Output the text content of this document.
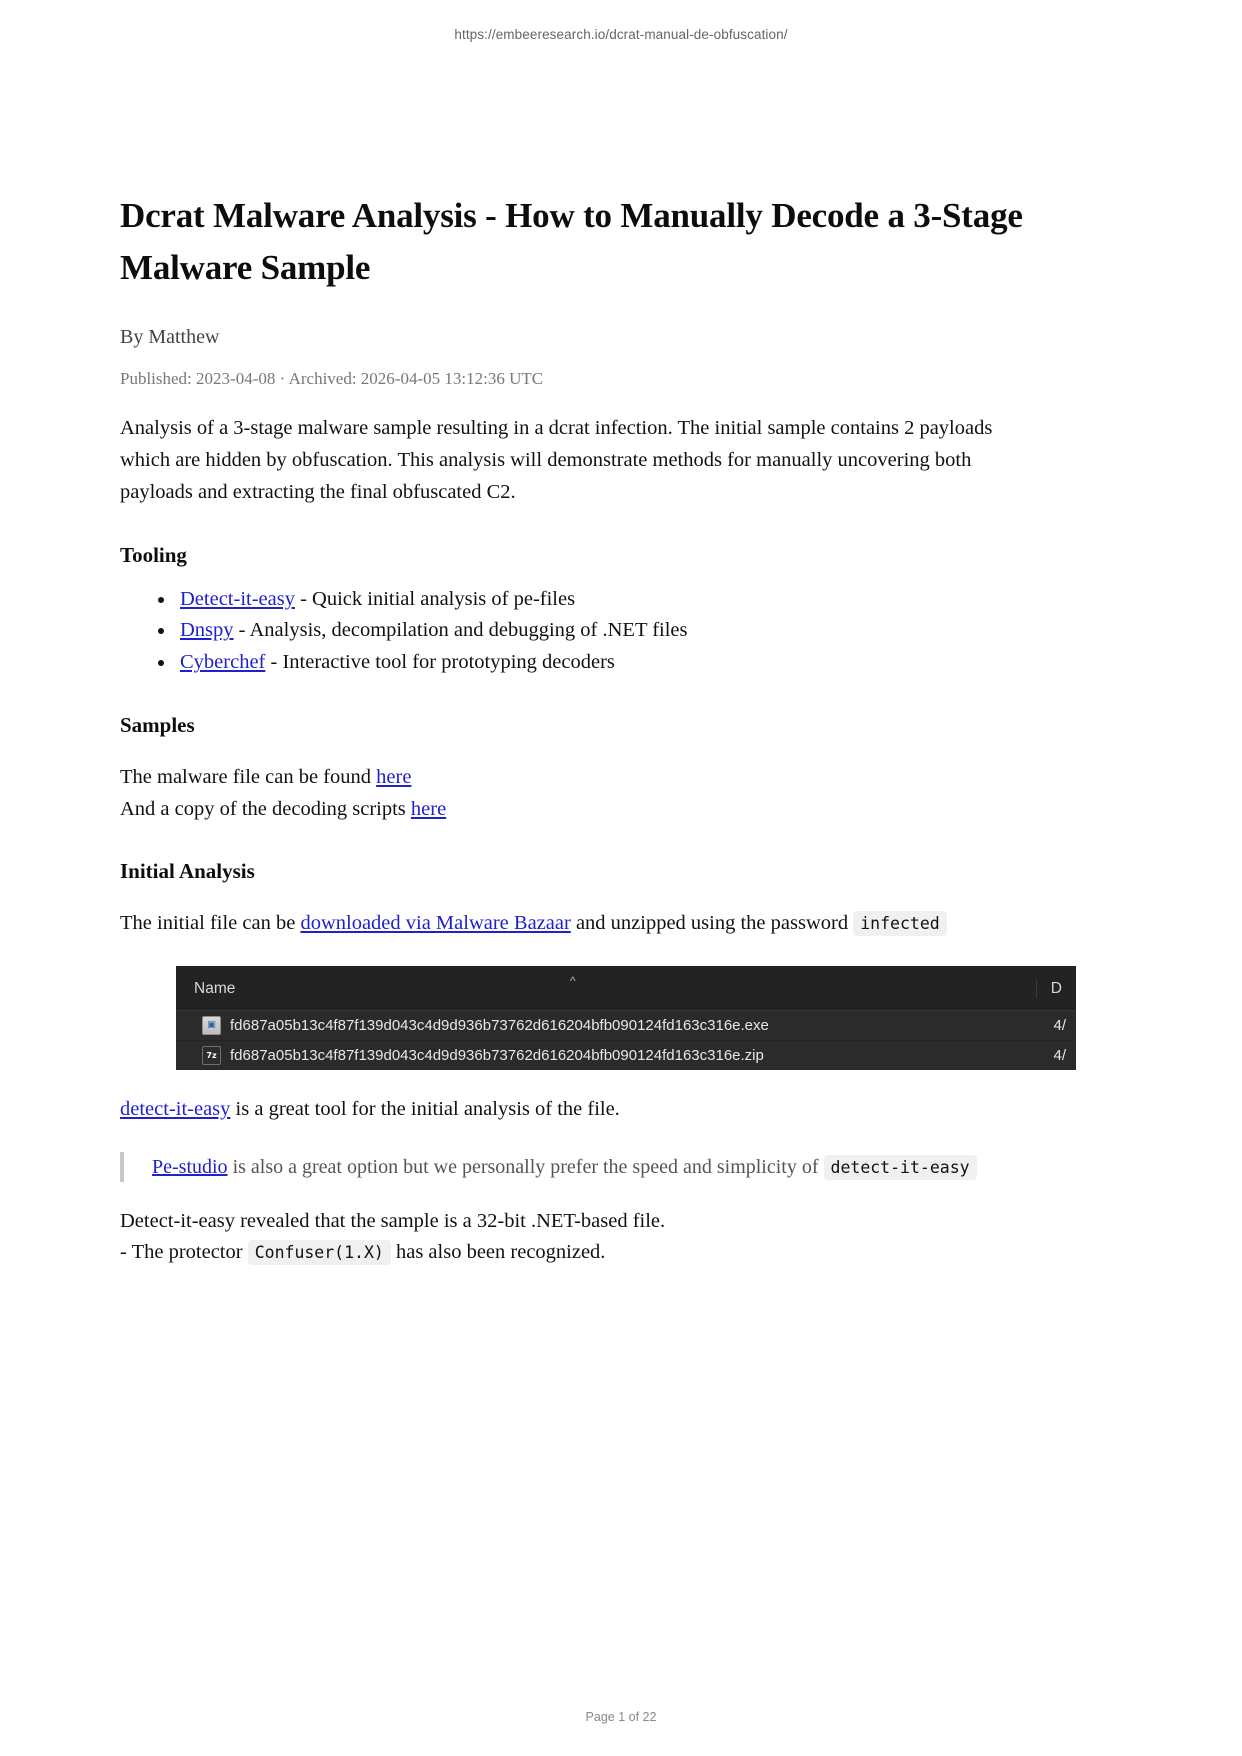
https://embeeresearch.io/dcrat-manual-de-obfuscation/
Dcrat Malware Analysis - How to Manually Decode a 3-Stage Malware Sample
By Matthew
Published: 2023-04-08 · Archived: 2026-04-05 13:12:36 UTC

Analysis of a 3-stage malware sample resulting in a dcrat infection. The initial sample contains 2 payloads which are hidden by obfuscation. This analysis will demonstrate methods for manually uncovering both payloads and extracting the final obfuscated C2.

Tooling
• Detect-it-easy - Quick initial analysis of pe-files
• Dnspy - Analysis, decompilation and debugging of .NET files
• Cyberchef - Interactive tool for prototyping decoders
Samples
The malware file can be found here
And a copy of the decoding scripts here
Initial Analysis

The initial file can be downloaded via Malware Bazaar and unzipped using the password infected

Name	^	D
▣ fd687a05b13c4f87f139d043c4d9d936b73762d616204bfb090124fd163c316e.exe	4/
7z fd687a05b13c4f87f139d043c4d9d936b73762d616204bfb090124fd163c316e.zip	4/

detect-it-easy is a great tool for the initial analysis of the file.

Pe-studio is also a great option but we personally prefer the speed and simplicity of detect-it-easy
Detect-it-easy revealed that the sample is a 32-bit .NET-based file.
- The protector Confuser(1.X) has also been recognized.
Page 1 of 22
